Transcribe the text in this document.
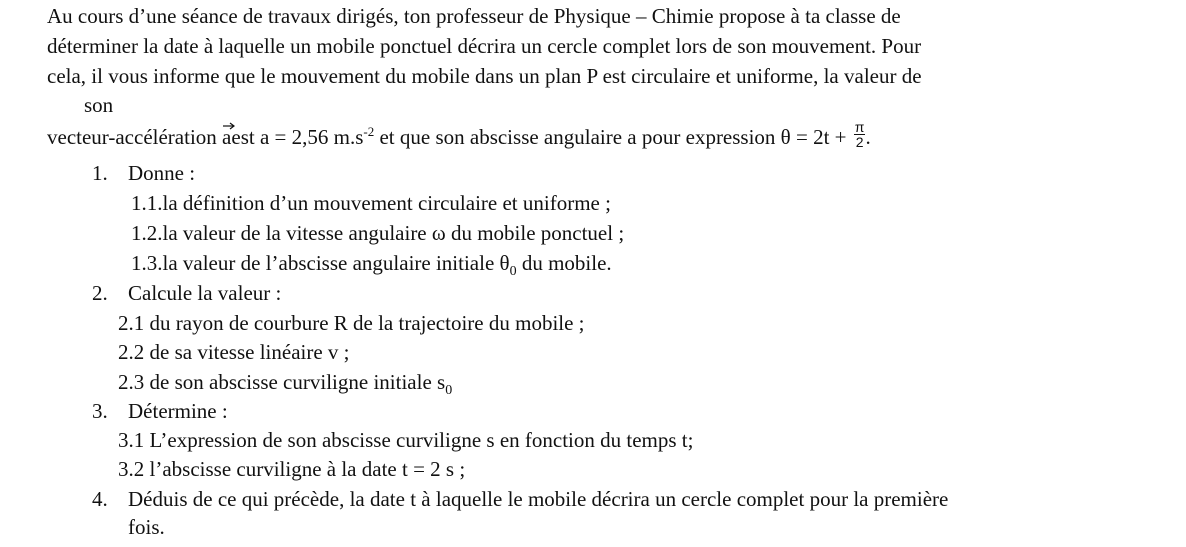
Au cours d’une séance de travaux dirigés, ton professeur de Physique – Chimie propose à ta classe de
déterminer la date à laquelle un mobile ponctuel décrira un cercle complet lors de son mouvement. Pour
cela, il vous informe que le mouvement du mobile dans un plan P est circulaire et uniforme, la valeur de
son
vecteur-accélération
aest a = 2,56 $m.s^{-2}$ et que son abscisse angulaire a pour expression $\theta = 2t + \frac{\pi}{2}$ .
1. Donne :
1.1.la définition d’un mouvement circulaire et uniforme ;
1.2.la valeur de la vitesse angulaire ω du mobile ponctuel ;
1.3.la valeur de l’abscisse angulaire initiale $\theta_0$ du mobile.
2. Calcule la valeur :
2.1 du rayon de courbure R de la trajectoire du mobile ;
2.2 de sa vitesse linéaire v ;
2.3 de son abscisse curviligne initiale $s_0$
3. Détermine :
3.1 L’expression de son abscisse curviligne s en fonction du temps t;
3.2 l’abscisse curviligne à la date t = 2 s ;
4. Déduis de ce qui précède, la date t à laquelle le mobile décrira un cercle complet pour la première
fois.
